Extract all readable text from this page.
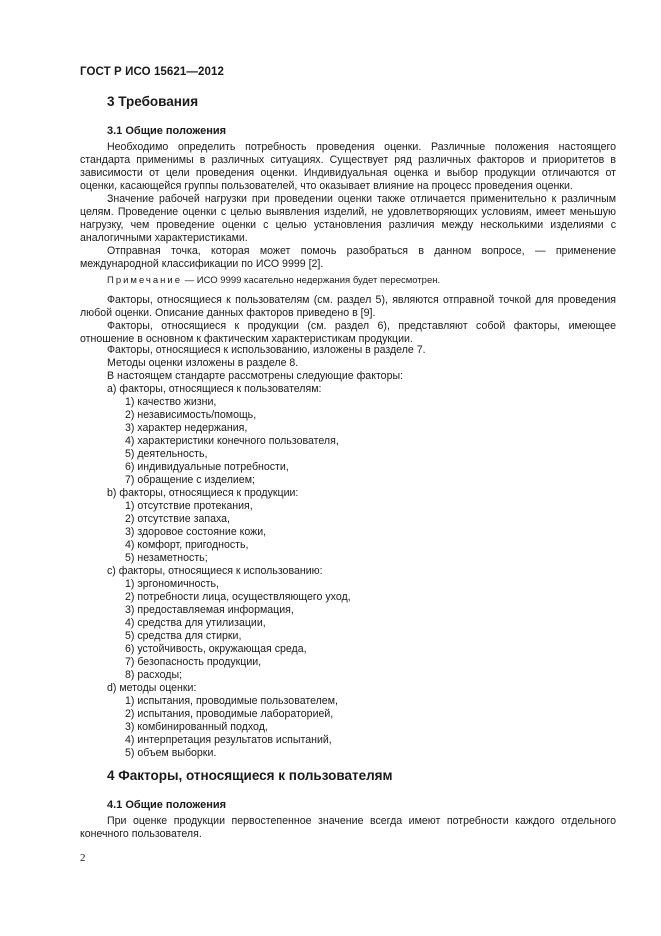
ГОСТ Р ИСО 15621—2012
3 Требования
3.1 Общие положения
Необходимо определить потребность проведения оценки. Различные положения настоящего стандарта применимы в различных ситуациях. Существует ряд различных факторов и приоритетов в зависимости от цели проведения оценки. Индивидуальная оценка и выбор продукции отличаются от оценки, касающейся группы пользователей, что оказывает влияние на процесс проведения оценки.
Значение рабочей нагрузки при проведении оценки также отличается применительно к различным целям. Проведение оценки с целью выявления изделий, не удовлетворяющих условиям, имеет меньшую нагрузку, чем проведение оценки с целью установления различия между несколькими изделиями с аналогичными характеристиками.
Отправная точка, которая может помочь разобраться в данном вопросе, — применение международной классификации по ИСО 9999 [2].
Примечание — ИСО 9999 касательно недержания будет пересмотрен.
Факторы, относящиеся к пользователям (см. раздел 5), являются отправной точкой для проведения любой оценки. Описание данных факторов приведено в [9].
Факторы, относящиеся к продукции (см. раздел 6), представляют собой факторы, имеющее отношение в основном к фактическим характеристикам продукции.
Факторы, относящиеся к использованию, изложены в разделе 7.
Методы оценки изложены в разделе 8.
В настоящем стандарте рассмотрены следующие факторы:
а) факторы, относящиеся к пользователям:
1) качество жизни,
2) независимость/помощь,
3) характер недержания,
4) характеристики конечного пользователя,
5) деятельность,
6) индивидуальные потребности,
7) обращение с изделием;
b) факторы, относящиеся к продукции:
1) отсутствие протекания,
2) отсутствие запаха,
3) здоровое состояние кожи,
4) комфорт, пригодность,
5) незаметность;
c) факторы, относящиеся к использованию:
1) эргономичность,
2) потребности лица, осуществляющего уход,
3) предоставляемая информация,
4) средства для утилизации,
5) средства для стирки,
6) устойчивость, окружающая среда,
7) безопасность продукции,
8) расходы;
d) методы оценки:
1) испытания, проводимые пользователем,
2) испытания, проводимые лабораторией,
3) комбинированный подход,
4) интерпретация результатов испытаний,
5) объем выборки.
4 Факторы, относящиеся к пользователям
4.1 Общие положения
При оценке продукции первостепенное значение всегда имеют потребности каждого отдельного конечного пользователя.
2
